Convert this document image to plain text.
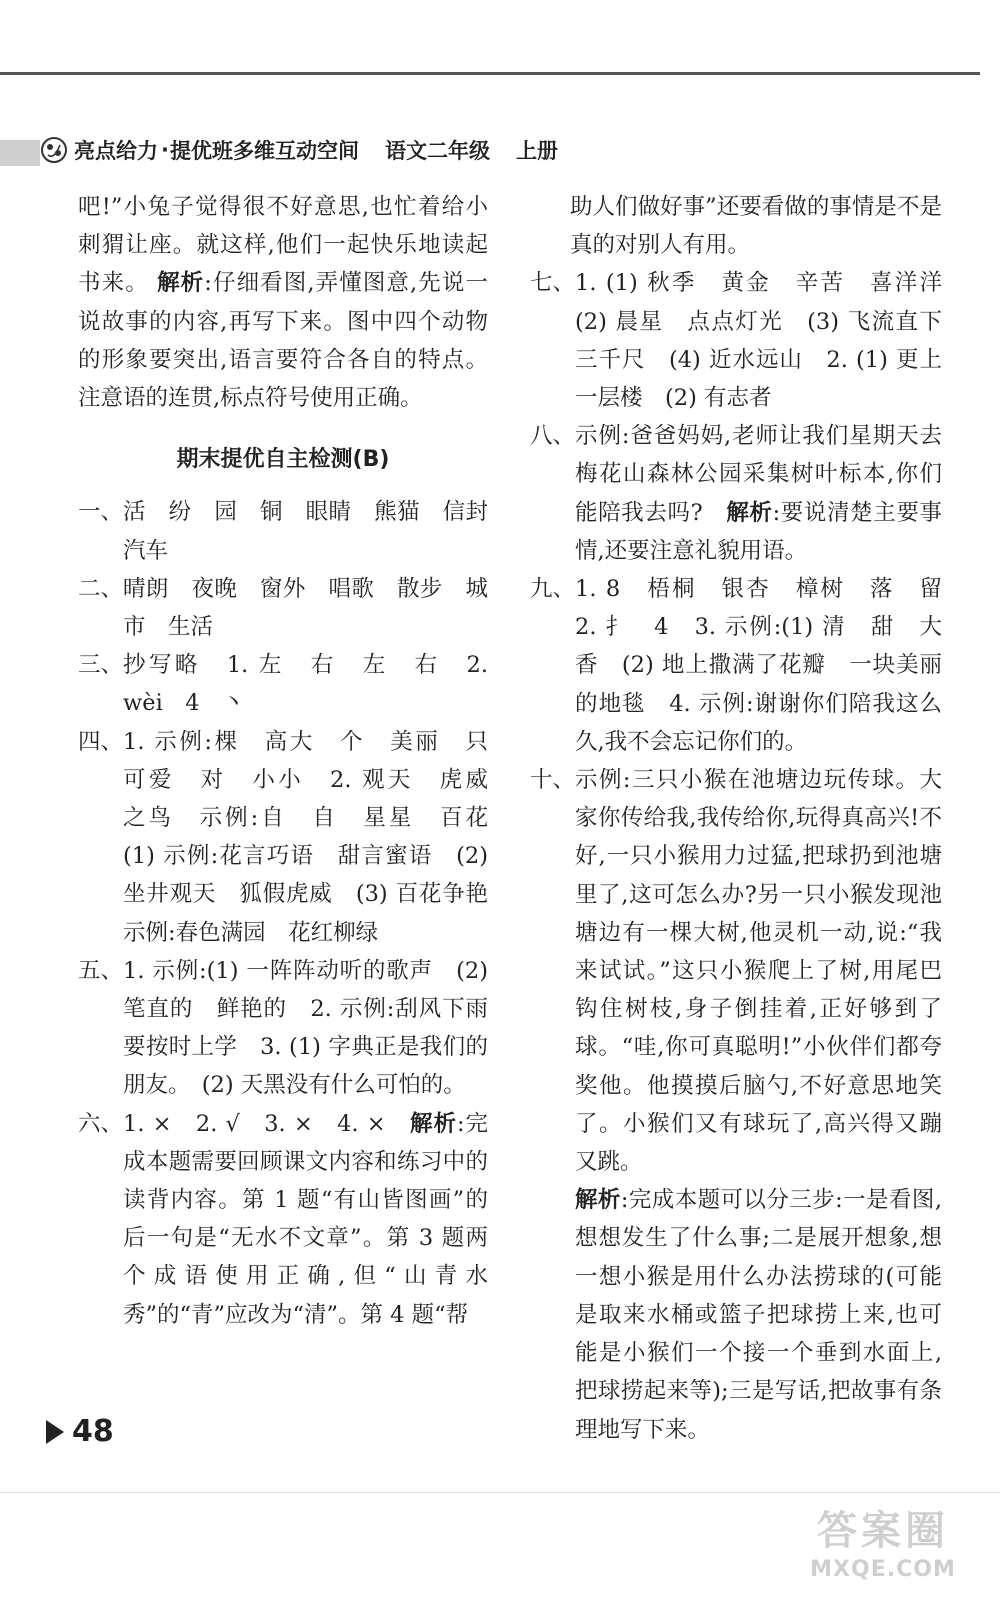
亮点给力 · 提优班多维互动空间 语文二年级 上册
吧!”小兔子觉得很不好意思,也忙着给小刺猬让座。就这样,他们一起快乐地读起书来。 解析:仔细看图,弄懂图意,先说一说故事的内容,再写下来。图中四个动物的形象要突出,语言要符合各自的特点。注意语的连贯,标点符号使用正确。
期末提优自主检测(B)
一、 活　纷　园　铜　眼睛　熊猫　信封　汽车
二、 晴朗　夜晚　窗外　唱歌　散步　城市　生活
三、 抄写略　1. 左　右　左　右　2. wèi　4　丶
四、 1. 示例:棵　高大　个　美丽　只　可爱　对　小小　2. 观天　虎威　之鸟　示例:自　自　星星　百花　(1) 示例:花言巧语　甜言蜜语　(2) 坐井观天　狐假虎威　(3) 百花争艳　示例:春色满园　花红柳绿
五、 1. 示例:(1) 一阵阵动听的歌声　(2) 笔直的　鲜艳的　2. 示例:刮风下雨　要按时上学　3. (1) 字典正是我们的朋友。　(2) 天黑没有什么可怕的。
六、 1. ×　2. √　3. ×　4. ×　解析:完成本题需要回顾课文内容和练习中的读背内容。第 1 题“有山皆图画”的后一句是“无水不文章”。第 3 题两个成语使用正确,但“山青水秀”的“青”应改为“清”。第 4 题“帮
助人们做好事”还要看做的事情是不是真的对别人有用。
七、 1. (1) 秋季　黄金　辛苦　喜洋洋　(2) 晨星　点点灯光　(3) 飞流直下三千尺　(4) 近水远山　2. (1) 更上一层楼　(2) 有志者
八、 示例:爸爸妈妈,老师让我们星期天去梅花山森林公园采集树叶标本,你们能陪我去吗?　解析:要说清楚主要事情,还要注意礼貌用语。
九、 1. 8　梧桐　银杏　樟树　落　留　2. 扌　4　3. 示例:(1) 清　甜　大　香　(2) 地上撒满了花瓣　一块美丽的地毯　4. 示例:谢谢你们陪我这么久,我不会忘记你们的。
十、 示例:三只小猴在池塘边玩传球。大家你传给我,我传给你,玩得真高兴!不好,一只小猴用力过猛,把球扔到池塘里了,这可怎么办?另一只小猴发现池塘边有一棵大树,他灵机一动,说:“我来试试。”这只小猴爬上了树,用尾巴钩住树枝,身子倒挂着,正好够到了球。“哇,你可真聪明!”小伙伴们都夸奖他。他摸摸后脑勺,不好意思地笑了。小猴们又有球玩了,高兴得又蹦又跳。
解析:完成本题可以分三步:一是看图,想想发生了什么事;二是展开想象,想一想小猴是用什么办法捞球的(可能是取来水桶或篮子把球捞上来,也可能是小猴们一个接一个垂到水面上,把球捞起来等);三是写话,把故事有条理地写下来。
48
答案圈
MXQE.COM
